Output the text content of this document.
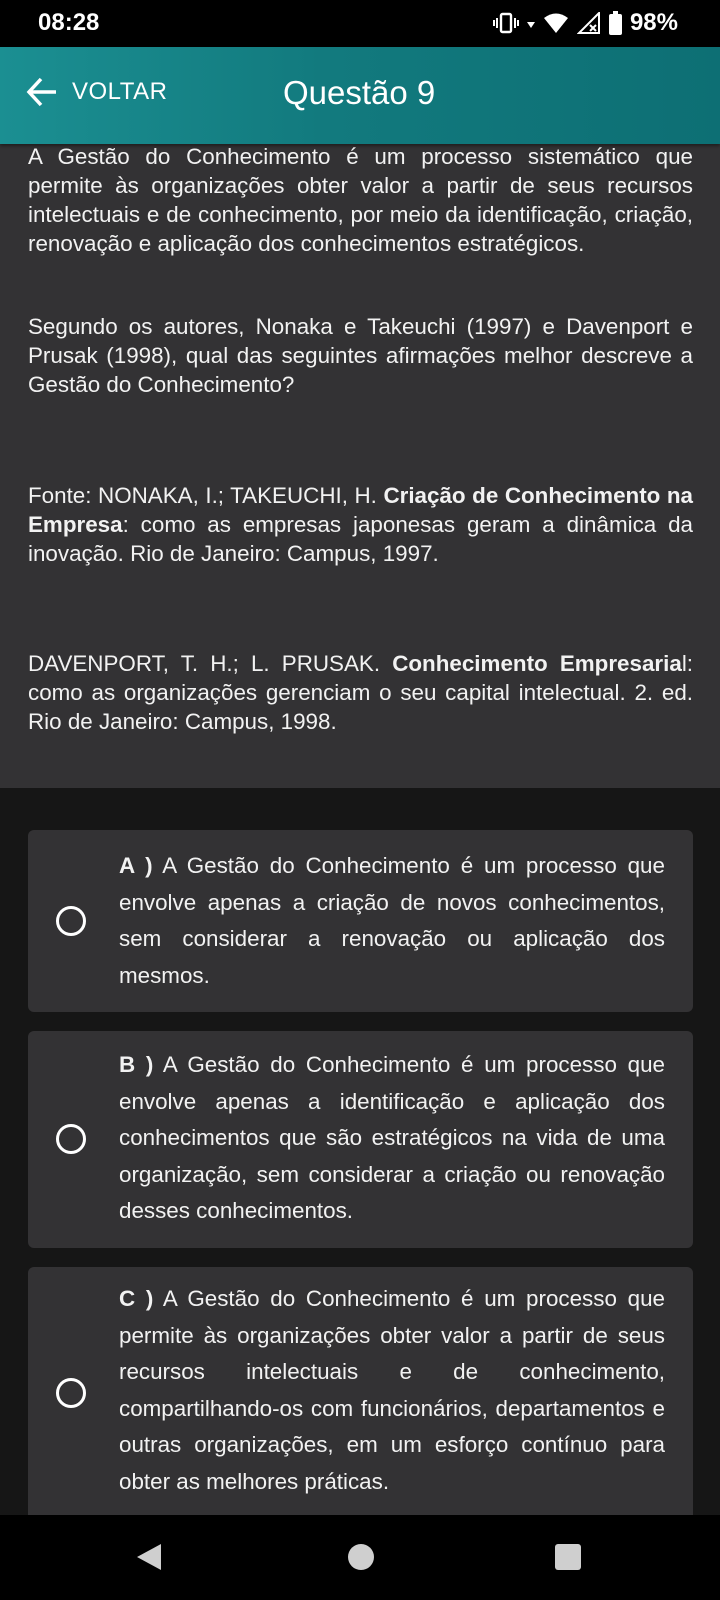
08:28	98%
VOLTAR	Questão 9

A Gestão do Conhecimento é um processo sistemático que permite às organizações obter valor a partir de seus recursos intelectuais e de conhecimento, por meio da identificação, criação, renovação e aplicação dos conhecimentos estratégicos.

Segundo os autores, Nonaka e Takeuchi (1997) e Davenport e Prusak (1998), qual das seguintes afirmações melhor descreve a Gestão do Conhecimento?

Fonte: NONAKA, I.; TAKEUCHI, H. Criação de Conhecimento na Empresa: como as empresas japonesas geram a dinâmica da inovação. Rio de Janeiro: Campus, 1997.

DAVENPORT, T. H.; L. PRUSAK. Conhecimento Empresarial: como as organizações gerenciam o seu capital intelectual. 2. ed. Rio de Janeiro: Campus, 1998.

A ) A Gestão do Conhecimento é um processo que envolve apenas a criação de novos conhecimentos, sem considerar a renovação ou aplicação dos mesmos.
B ) A Gestão do Conhecimento é um processo que envolve apenas a identificação e aplicação dos conhecimentos que são estratégicos na vida de uma organização, sem considerar a criação ou renovação desses conhecimentos.
C ) A Gestão do Conhecimento é um processo que permite às organizações obter valor a partir de seus recursos intelectuais e de conhecimento, compartilhando-os com funcionários, departamentos e outras organizações, em um esforço contínuo para obter as melhores práticas.
